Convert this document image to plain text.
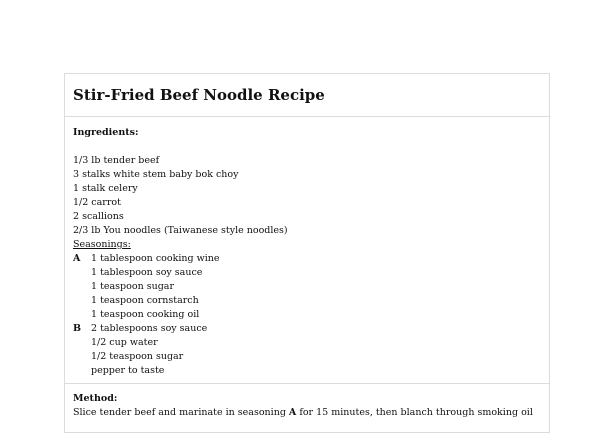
Stir-Fried Beef Noodle Recipe
Ingredients:
1/3 lb tender beef
3 stalks white stem baby bok choy
1 stalk celery
1/2 carrot
2 scallions
2/3 lb You noodles (Taiwanese style noodles)
Seasonings:
A 1 tablespoon cooking wine
1 tablespoon soy sauce
1 teaspoon sugar
1 teaspoon cornstarch
1 teaspoon cooking oil
B 2 tablespoons soy sauce
1/2 cup water
1/2 teaspoon sugar
pepper to taste
Method:
Slice tender beef and marinate in seasoning A for 15 minutes, then blanch through smoking oil
